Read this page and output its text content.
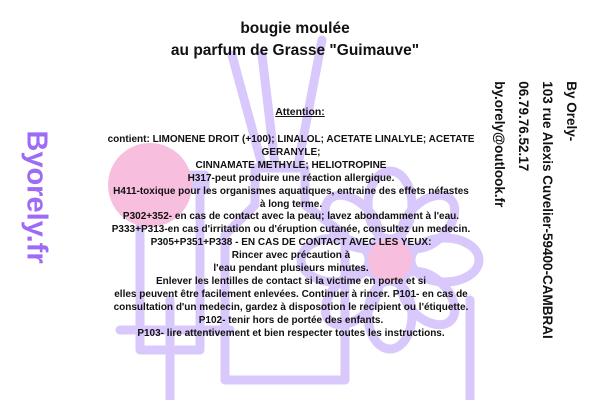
bougie moulée
au parfum de Grasse "Guimauve"
Attention:
contient: LIMONENE DROIT (+100); LINALOL; ACETATE LINALYLE; ACETATE GERANYLE;
CINNAMATE METHYLE; HELIOTROPINE
H317-peut produire une réaction allergique.
H411-toxique pour les organismes aquatiques, entraine des effets néfastes
à long terme.
P302+352- en cas de contact avec la peau; lavez abondamment à l'eau.
P333+P313-en cas d'irritation ou d'éruption cutanée, consultez un medecin.
P305+P351+P338 - EN CAS DE CONTACT AVEC LES YEUX:
Rincer avec précaution à
l'eau pendant plusieurs minutes.
Enlever les lentilles de contact si la victime en porte et si
elles peuvent être facilement enlevées. Continuer à rincer. P101- en cas de
consultation d'un medecin, gardez à disposotion le recipient ou l'étiquette.
P102- tenir hors de portée des enfants.
P103- lire attentivement et bien respecter toutes les instructions.
Byorely.fr
By Orely-
103 rue Alexis Cuvelier-59400-CAMBRAI
06.79.76.52.17
by.orely@outlook.fr
